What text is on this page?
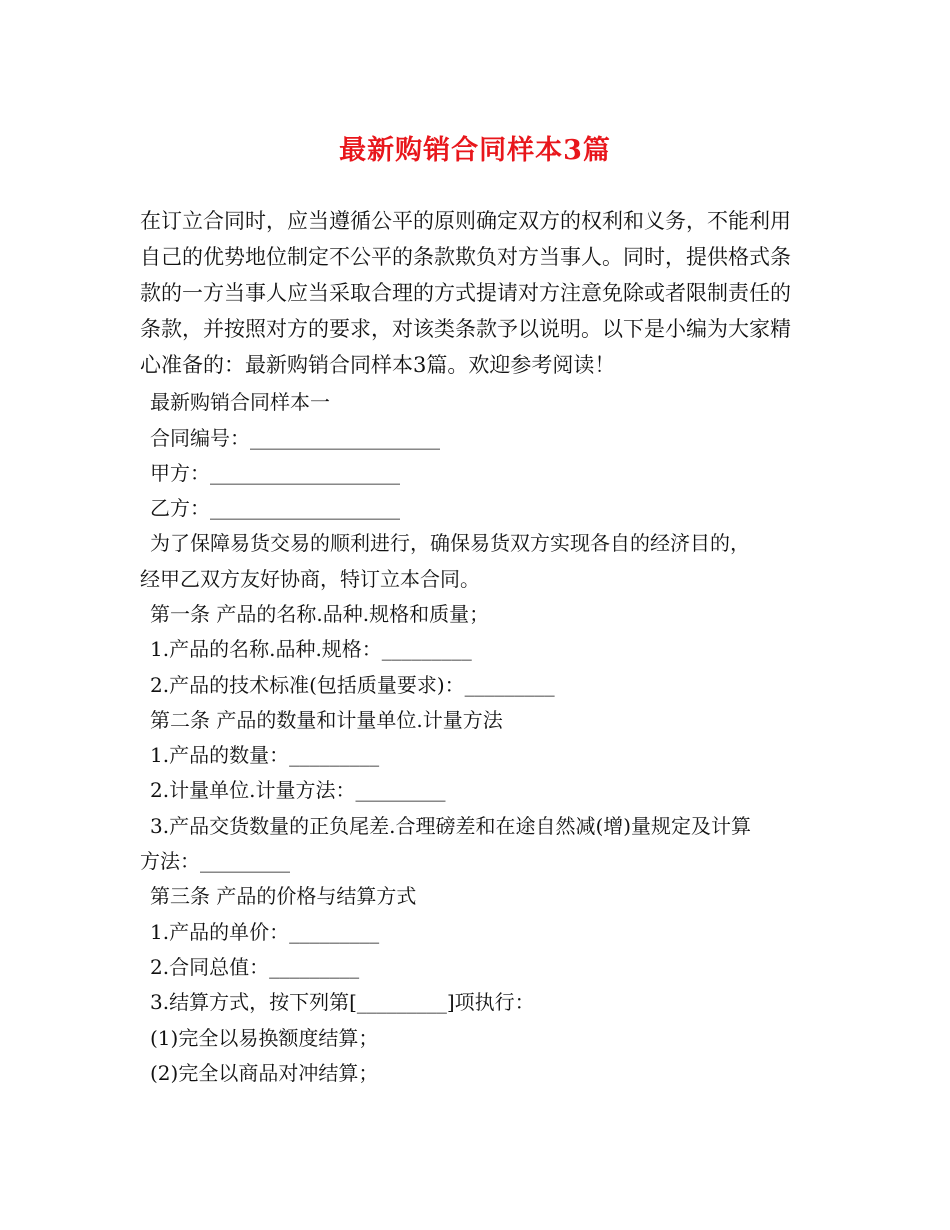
最新购销合同样本3篇
在订立合同时，应当遵循公平的原则确定双方的权利和义务，不能利用
自己的优势地位制定不公平的条款欺负对方当事人。同时，提供格式条
款的一方当事人应当采取合理的方式提请对方注意免除或者限制责任的
条款，并按照对方的要求，对该类条款予以说明。以下是小编为大家精
心准备的：最新购销合同样本3篇。欢迎参考阅读！
最新购销合同样本一
合同编号：___________________
甲方：___________________
乙方：___________________
为了保障易货交易的顺利进行，确保易货双方实现各自的经济目的，
经甲乙双方友好协商，特订立本合同。
第一条 产品的名称.品种.规格和质量；
1.产品的名称.品种.规格：_________
2.产品的技术标准(包括质量要求)：_________
第二条 产品的数量和计量单位.计量方法
1.产品的数量：_________
2.计量单位.计量方法：_________
3.产品交货数量的正负尾差.合理磅差和在途自然减(增)量规定及计算
方法：_________
第三条 产品的价格与结算方式
1.产品的单价：_________
2.合同总值：_________
3.结算方式，按下列第[_________]项执行：
(1)完全以易换额度结算；
(2)完全以商品对冲结算；
